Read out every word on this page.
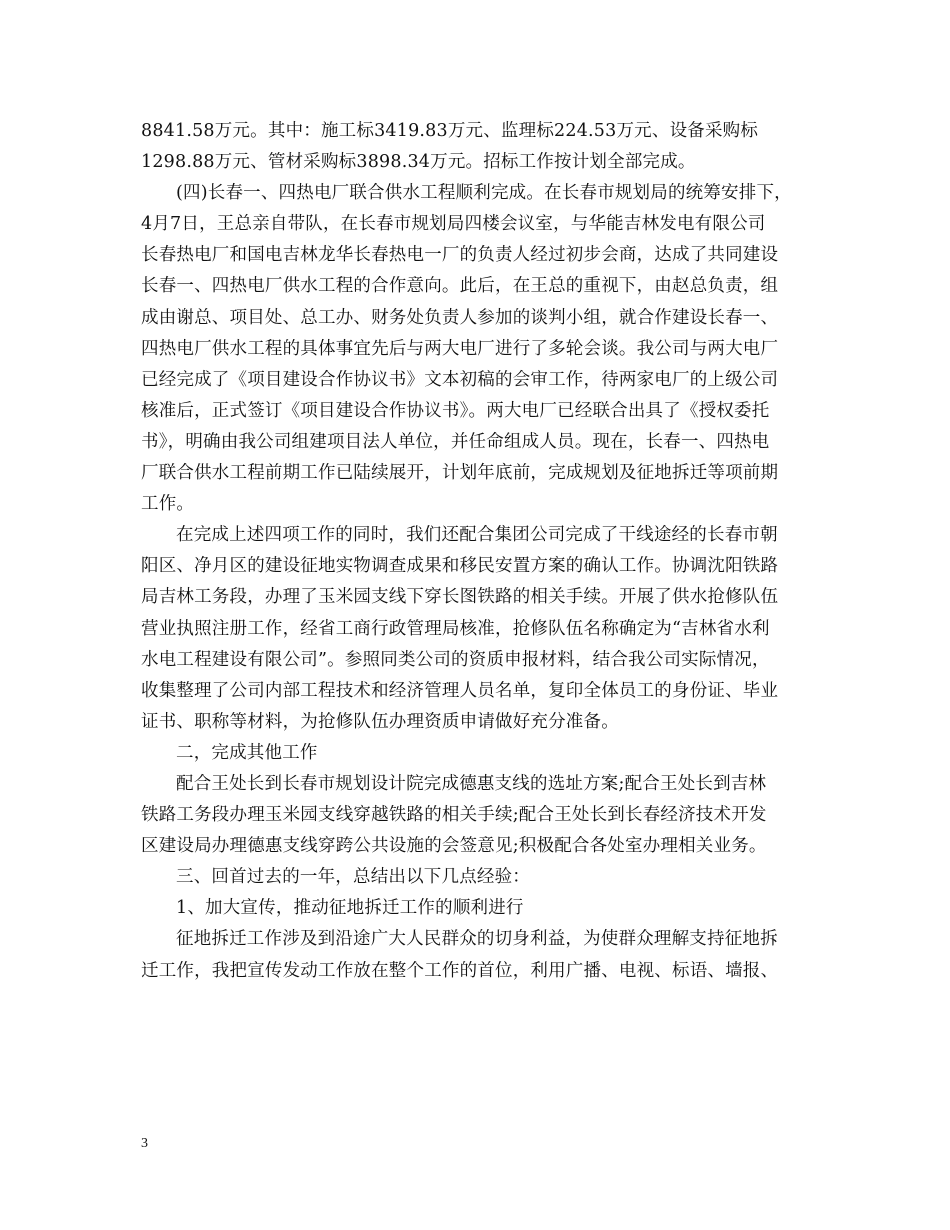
8841.58万元。其中：施工标3419.83万元、监理标224.53万元、设备采购标
1298.88万元、管材采购标3898.34万元。招标工作按计划全部完成。
(四)长春一、四热电厂联合供水工程顺利完成。在长春市规划局的统筹安排下，
4月7日，王总亲自带队，在长春市规划局四楼会议室，与华能吉林发电有限公司
长春热电厂和国电吉林龙华长春热电一厂的负责人经过初步会商，达成了共同建设
长春一、四热电厂供水工程的合作意向。此后，在王总的重视下，由赵总负责，组
成由谢总、项目处、总工办、财务处负责人参加的谈判小组，就合作建设长春一、
四热电厂供水工程的具体事宜先后与两大电厂进行了多轮会谈。我公司与两大电厂
已经完成了《项目建设合作协议书》文本初稿的会审工作，待两家电厂的上级公司
核准后，正式签订《项目建设合作协议书》。两大电厂已经联合出具了《授权委托
书》，明确由我公司组建项目法人单位，并任命组成人员。现在，长春一、四热电
厂联合供水工程前期工作已陆续展开，计划年底前，完成规划及征地拆迁等项前期
工作。
在完成上述四项工作的同时，我们还配合集团公司完成了干线途经的长春市朝
阳区、净月区的建设征地实物调查成果和移民安置方案的确认工作。协调沈阳铁路
局吉林工务段，办理了玉米园支线下穿长图铁路的相关手续。开展了供水抢修队伍
营业执照注册工作，经省工商行政管理局核准，抢修队伍名称确定为“吉林省水利
水电工程建设有限公司”。参照同类公司的资质申报材料，结合我公司实际情况，
收集整理了公司内部工程技术和经济管理人员名单，复印全体员工的身份证、毕业
证书、职称等材料，为抢修队伍办理资质申请做好充分准备。
二，完成其他工作
配合王处长到长春市规划设计院完成德惠支线的选址方案;配合王处长到吉林
铁路工务段办理玉米园支线穿越铁路的相关手续;配合王处长到长春经济技术开发
区建设局办理德惠支线穿跨公共设施的会签意见;积极配合各处室办理相关业务。
三、回首过去的一年，总结出以下几点经验：
1、加大宣传，推动征地拆迁工作的顺利进行
征地拆迁工作涉及到沿途广大人民群众的切身利益，为使群众理解支持征地拆
迁工作，我把宣传发动工作放在整个工作的首位，利用广播、电视、标语、墙报、
3
